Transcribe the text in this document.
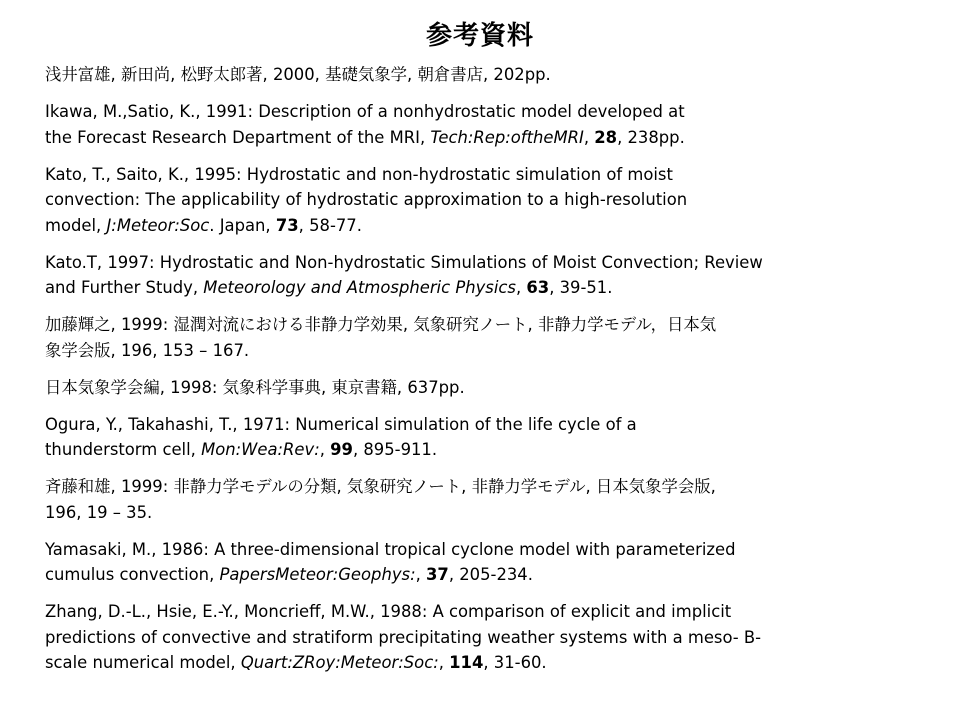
参考資料
浅井富雄, 新田尚, 松野太郎著, 2000, 基礎気象学, 朝倉書店, 202pp.
Ikawa, M.,Satio, K., 1991: Description of a nonhydrostatic model developed at
the Forecast Research Department of the MRI, Tech:Rep:oftheMRI, 28, 238pp.
Kato, T., Saito, K., 1995: Hydrostatic and non-hydrostatic simulation of moist
convection: The applicability of hydrostatic approximation to a high-resolution
model, J:Meteor:Soc. Japan, 73, 58-77.
Kato.T, 1997: Hydrostatic and Non-hydrostatic Simulations of Moist Convection; Review
and Further Study, Meteorology and Atmospheric Physics, 63, 39-51.
加藤輝之, 1999: 湿潤対流における非静力学効果, 気象研究ノート, 非静力学モデル，日本気
象学会版, 196, 153 – 167.
日本気象学会編, 1998: 気象科学事典, 東京書籍, 637pp.
Ogura, Y., Takahashi, T., 1971: Numerical simulation of the life cycle of a
thunderstorm cell, Mon:Wea:Rev:, 99, 895-911.
斉藤和雄, 1999: 非静力学モデルの分類, 気象研究ノート, 非静力学モデル, 日本気象学会版,
196, 19 – 35.
Yamasaki, M., 1986: A three-dimensional tropical cyclone model with parameterized
cumulus convection, PapersMeteor:Geophys:, 37, 205-234.
Zhang, D.-L., Hsie, E.-Y., Moncrieff, M.W., 1988: A comparison of explicit and implicit
predictions of convective and stratiform precipitating weather systems with a meso- B-
scale numerical model, Quart:ZRoy:Meteor:Soc:, 114, 31-60.
